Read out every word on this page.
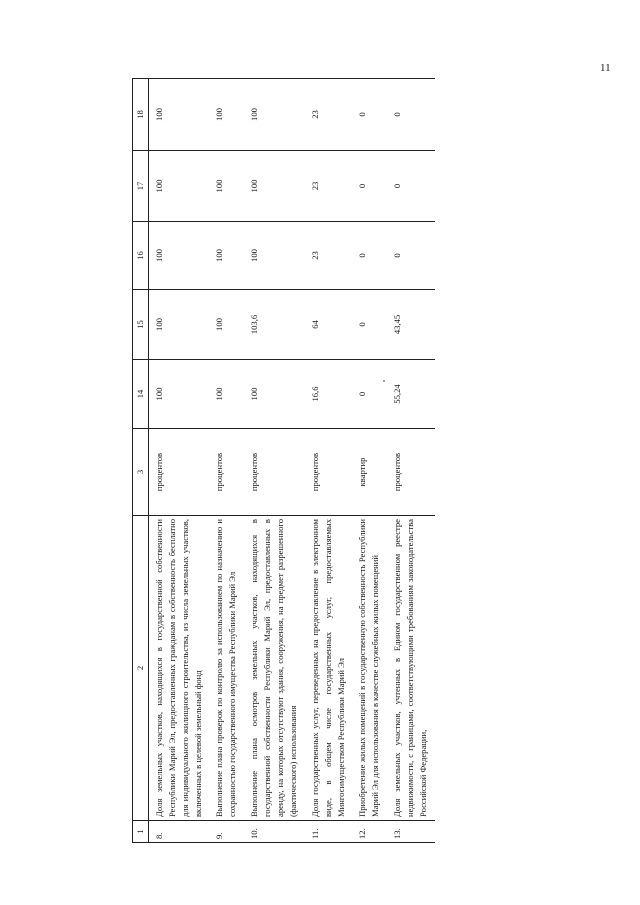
11
1	2	3	14	15	16	17	18
8.	Доля земельных участков, находящихся в государственной собственности Республики Марий Эл, предоставленных гражданам в собственность бесплатно для индивидуального жилищного строительства, из числа земельных участков, включенных в целевой земельный фонд	процентов	100	100	100	100	100
9.	Выполнение плана проверок по контролю за использованием по назначению и сохранностью государственного имущества Республики Марий Эл	процентов	100	100	100	100	100
10.	Выполнение плана осмотров земельных участков, находящихся в государственной собственности Республики Марий Эл, предоставленных в аренду, на которых отсутствуют здания, сооружения, на предмет разрешенного (фактического) использования	процентов	100	103,6	100	100	100
11.	Доля государственных услуг, переведенных на предоставление в электронном виде, в общем числе государственных услуг, предоставляемых Мингосимуществом Республики Марий Эл	процентов	16,6	64	23	23	23
12.	Приобретение жилых помещений в государственную собственность Республики Марий Эл для использования в качестве служебных жилых помещений	квартир	0	0	0	0	0
13.	Доля земельных участков, учтенных в Едином государственном реестре недвижимости, с границами, соответствующими требованиям законодательства Российской Федерации,	процентов	55,24	43,45	0	0	0
